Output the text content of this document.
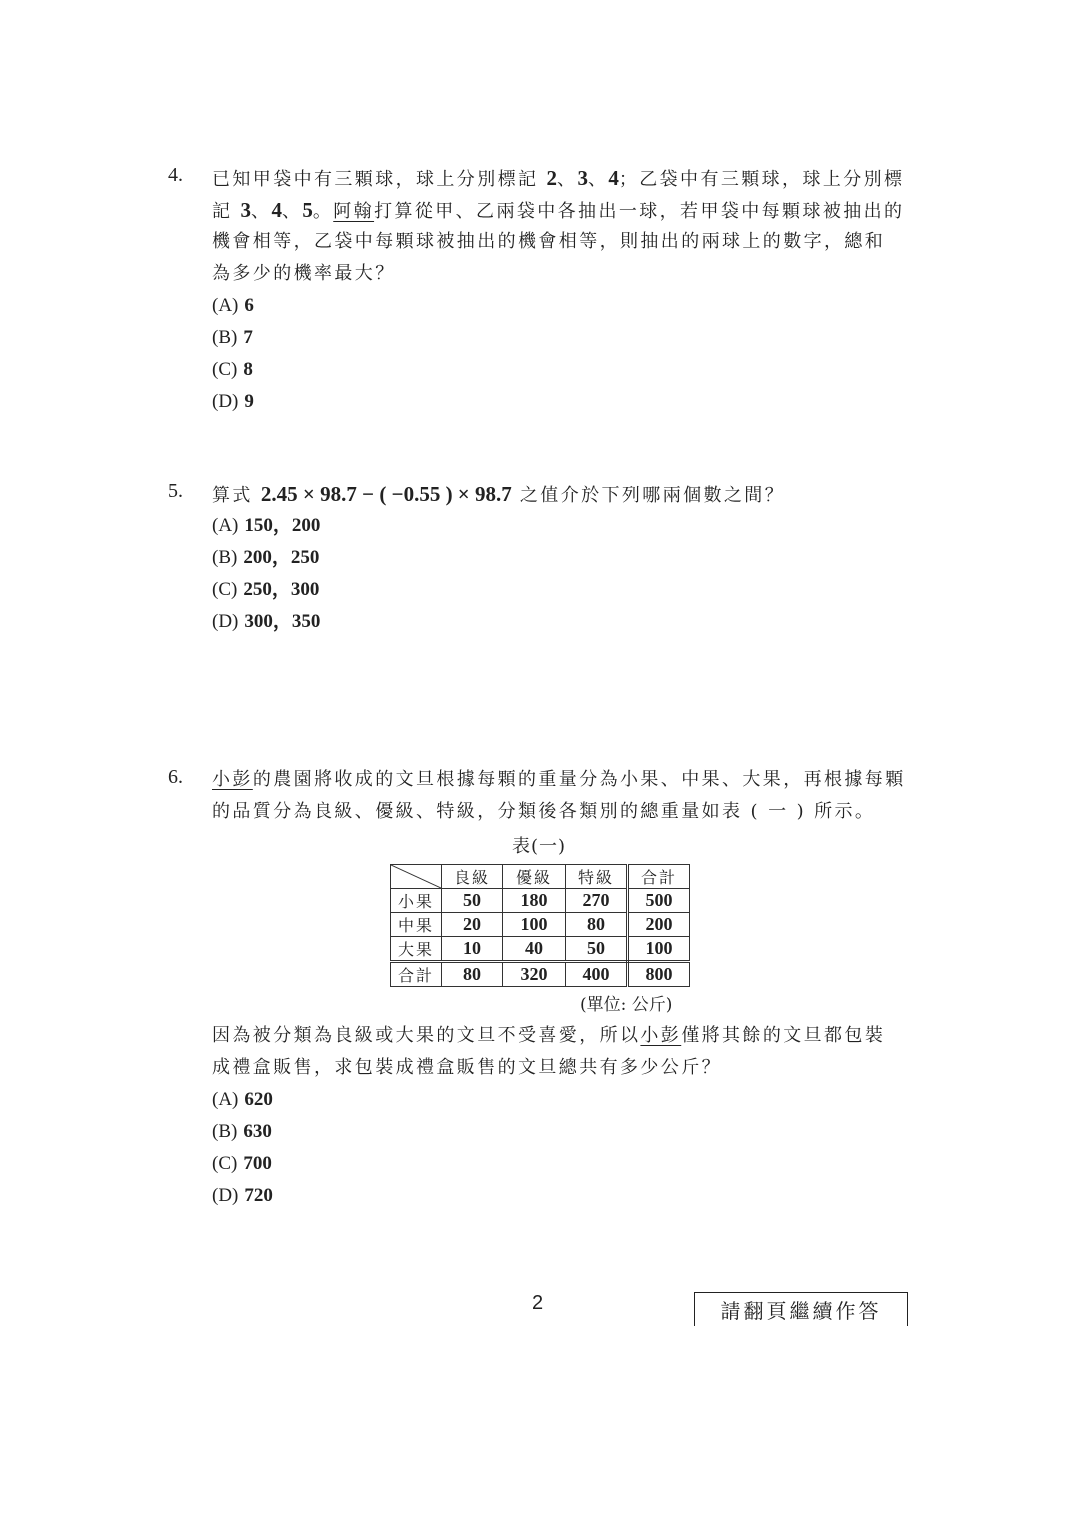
4. 已知甲袋中有三顆球，球上分別標記 2、3、4；乙袋中有三顆球，球上分別標
記 3、4、5。阿翰打算從甲、乙兩袋中各抽出一球，若甲袋中每顆球被抽出的
機會相等，乙袋中每顆球被抽出的機會相等，則抽出的兩球上的數字，總和
為多少的機率最大？
(A) 6
(B) 7
(C) 8
(D) 9
5. 算式 2.45 × 98.7 − ( −0.55 ) × 98.7 之值介於下列哪兩個數之間？
(A) 150，200
(B) 200，250
(C) 250，300
(D) 300，350
6. 小彭的農園將收成的文旦根據每顆的重量分為小果、中果、大果，再根據每顆
的品質分為良級、優級、特級，分類後各類別的總重量如表 ( 一 ) 所示。
因為被分類為良級或大果的文旦不受喜愛，所以小彭僅將其餘的文旦都包裝
成禮盒販售，求包裝成禮盒販售的文旦總共有多少公斤？
(A) 620
(B) 630
(C) 700
(D) 720
表(一)
	良級	優級	特級	合計
小果	50	180	270	500
中果	20	100	80	200
大果	10	40	50	100
合計	80	320	400	800
(單位: 公斤)
2	請翻頁繼續作答
